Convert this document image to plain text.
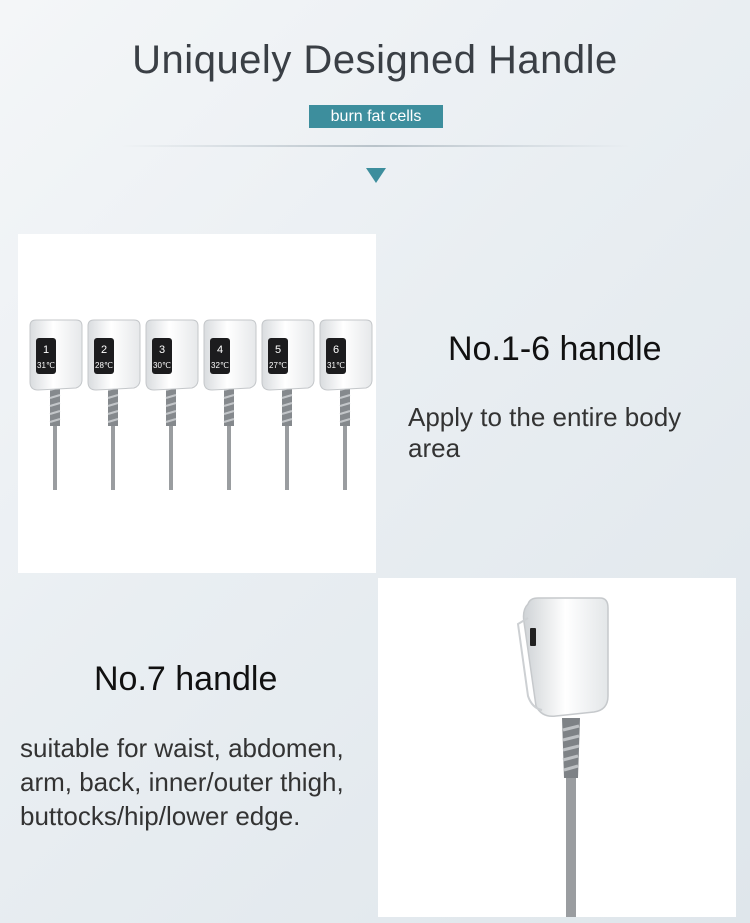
Uniquely Designed Handle
burn fat cells
1
31℃
2
28℃
3
30℃
4
32℃
5
27℃
6
31℃	No.1-6 handle
Apply to the entire body area
No.7 handle
suitable for waist, abdomen, arm, back, inner/outer thigh, buttocks/hip/lower edge.
